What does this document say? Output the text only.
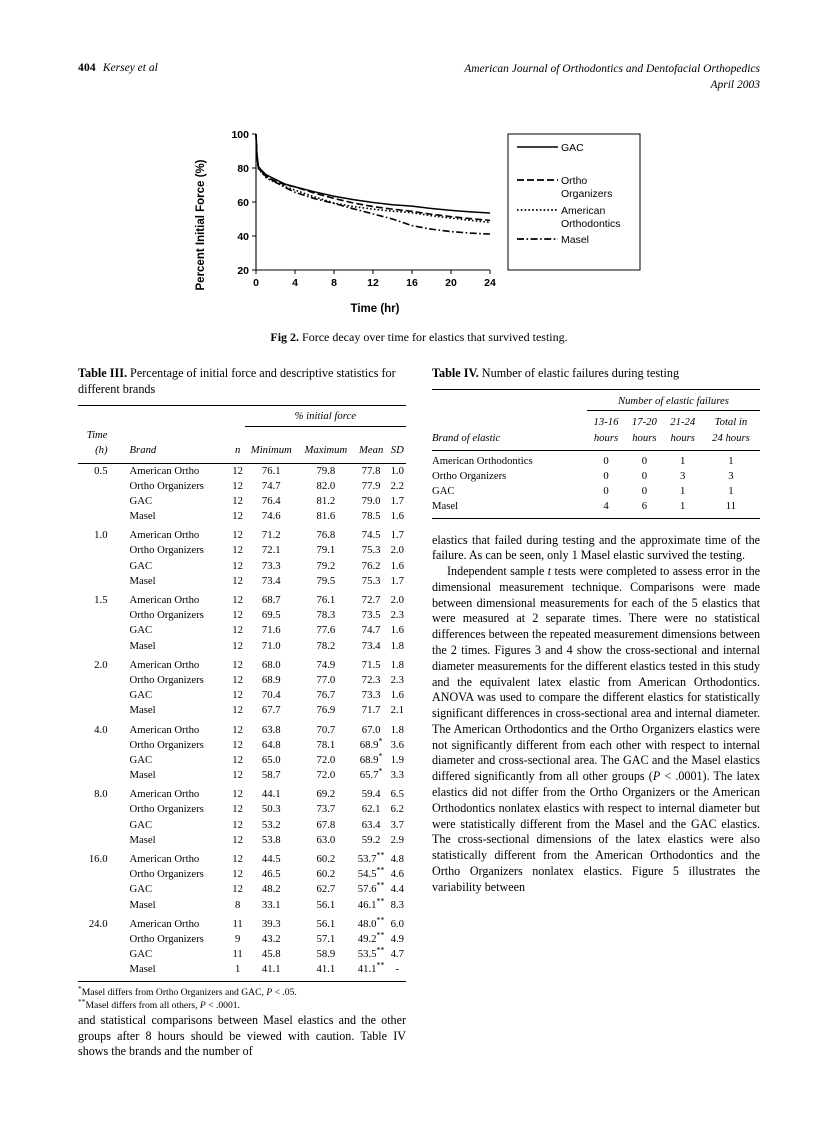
404 Kersey et al	American Journal of Orthodontics and Dentofacial Orthopedics
April 2003
Percent Initial Force (%)
Time (hr)
20
40
60
80
100
0	4	8	12	16	20	24
GAC
Ortho
Organizers
American
Orthodontics
Masel
Fig 2. Force decay over time for elastics that survived testing.
Table III. Percentage of initial force and descriptive statistics for different brands
			% initial force			
Time						
(h)	Brand	n	Minimum	Maximum	Mean	SD
0.5	American Ortho	12	76.1	79.8	77.8	1.0
	Ortho Organizers	12	74.7	82.0	77.9	2.2
	GAC	12	76.4	81.2	79.0	1.7
	Masel	12	74.6	81.6	78.5	1.6
1.0	American Ortho	12	71.2	76.8	74.5	1.7
	Ortho Organizers	12	72.1	79.1	75.3	2.0
	GAC	12	73.3	79.2	76.2	1.6
	Masel	12	73.4	79.5	75.3	1.7
1.5	American Ortho	12	68.7	76.1	72.7	2.0
	Ortho Organizers	12	69.5	78.3	73.5	2.3
	GAC	12	71.6	77.6	74.7	1.6
	Masel	12	71.0	78.2	73.4	1.8
2.0	American Ortho	12	68.0	74.9	71.5	1.8
	Ortho Organizers	12	68.9	77.0	72.3	2.3
	GAC	12	70.4	76.7	73.3	1.6
	Masel	12	67.7	76.9	71.7	2.1
4.0	American Ortho	12	63.8	70.7	67.0	1.8
	Ortho Organizers	12	64.8	78.1	68.9*	3.6
	GAC	12	65.0	72.0	68.9*	1.9
	Masel	12	58.7	72.0	65.7*	3.3
8.0	American Ortho	12	44.1	69.2	59.4	6.5
	Ortho Organizers	12	50.3	73.7	62.1	6.2
	GAC	12	53.2	67.8	63.4	3.7
	Masel	12	53.8	63.0	59.2	2.9
16.0	American Ortho	12	44.5	60.2	53.7**	4.8
	Ortho Organizers	12	46.5	60.2	54.5**	4.6
	GAC	12	48.2	62.7	57.6**	4.4
	Masel	8	33.1	56.1	46.1**	8.3
24.0	American Ortho	11	39.3	56.1	48.0**	6.0
	Ortho Organizers	9	43.2	57.1	49.2**	4.9
	GAC	11	45.8	58.9	53.5**	4.7
	Masel	1	41.1	41.1	41.1**	-
*Masel differs from Ortho Organizers and GAC, P < .05.
**Masel differs from all others, P < .0001.

and statistical comparisons between Masel elastics and the other groups after 8 hours should be viewed with caution. Table IV shows the brands and the number of

Table IV. Number of elastic failures during testing
	Number of elastic failures			
	13-16	17-20	21-24	Total in
Brand of elastic	hours	hours	hours	24 hours
American Orthodontics	0	0	1	1
Ortho Organizers	0	0	3	3
GAC	0	0	1	1
Masel	4	6	1	11

elastics that failed during testing and the approximate time of the failure. As can be seen, only 1 Masel elastic survived the testing.

Independent sample t tests were completed to assess error in the dimensional measurement technique. Comparisons were made between dimensional measurements for each of the 5 elastics that were measured at 2 separate times. There were no statistical differences between the repeated measurement dimensions between the 2 times. Figures 3 and 4 show the cross-sectional and internal diameter measurements for the different elastics tested in this study and the equivalent latex elastic from American Orthodontics. ANOVA was used to compare the different elastics for statistically significant differences in cross-sectional area and internal diameter. The American Orthodontics and the Ortho Organizers elastics were not significantly different from each other with respect to internal diameter and cross-sectional area. The GAC and the Masel elastics differed significantly from all other groups (P < .0001). The latex elastics did not differ from the Ortho Organizers or the American Orthodontics nonlatex elastics with respect to internal diameter but were statistically different from the Masel and the GAC elastics. The cross-sectional dimensions of the latex elastics were also statistically different from the American Orthodontics and the Ortho Organizers nonlatex elastics. Figure 5 illustrates the variability between
